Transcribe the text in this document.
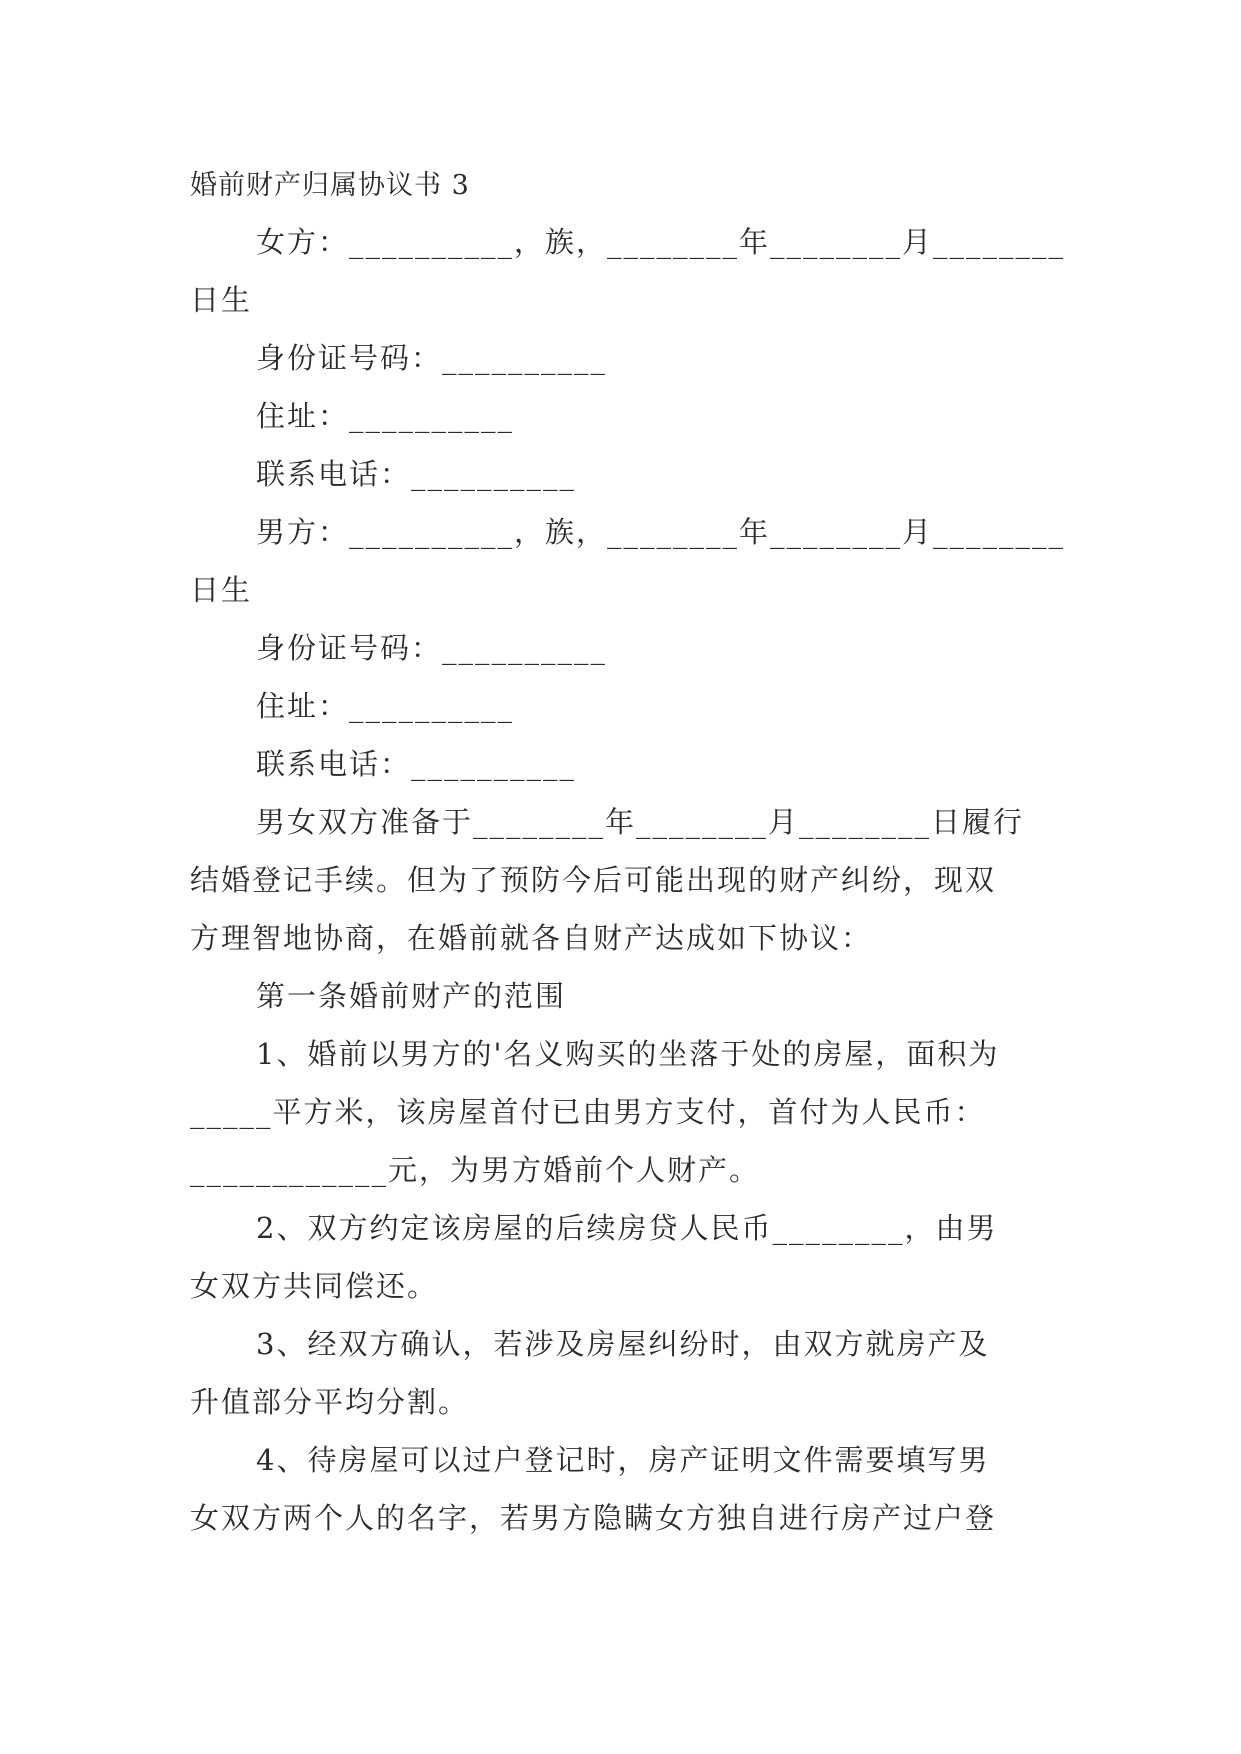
婚前财产归属协议书 3
女方：__________，族，________年________月________
日生
身份证号码：__________
住址：__________
联系电话：__________
男方：__________，族，________年________月________
日生
身份证号码：__________
住址：__________
联系电话：__________
男女双方准备于________年________月________日履行
结婚登记手续。但为了预防今后可能出现的财产纠纷，现双
方理智地协商，在婚前就各自财产达成如下协议：
第一条婚前财产的范围
1、婚前以男方的'名义购买的坐落于处的房屋，面积为
_____平方米，该房屋首付已由男方支付，首付为人民币：
____________元，为男方婚前个人财产。
2、双方约定该房屋的后续房贷人民币________，由男
女双方共同偿还。
3、经双方确认，若涉及房屋纠纷时，由双方就房产及
升值部分平均分割。
4、待房屋可以过户登记时，房产证明文件需要填写男
女双方两个人的名字，若男方隐瞒女方独自进行房产过户登
